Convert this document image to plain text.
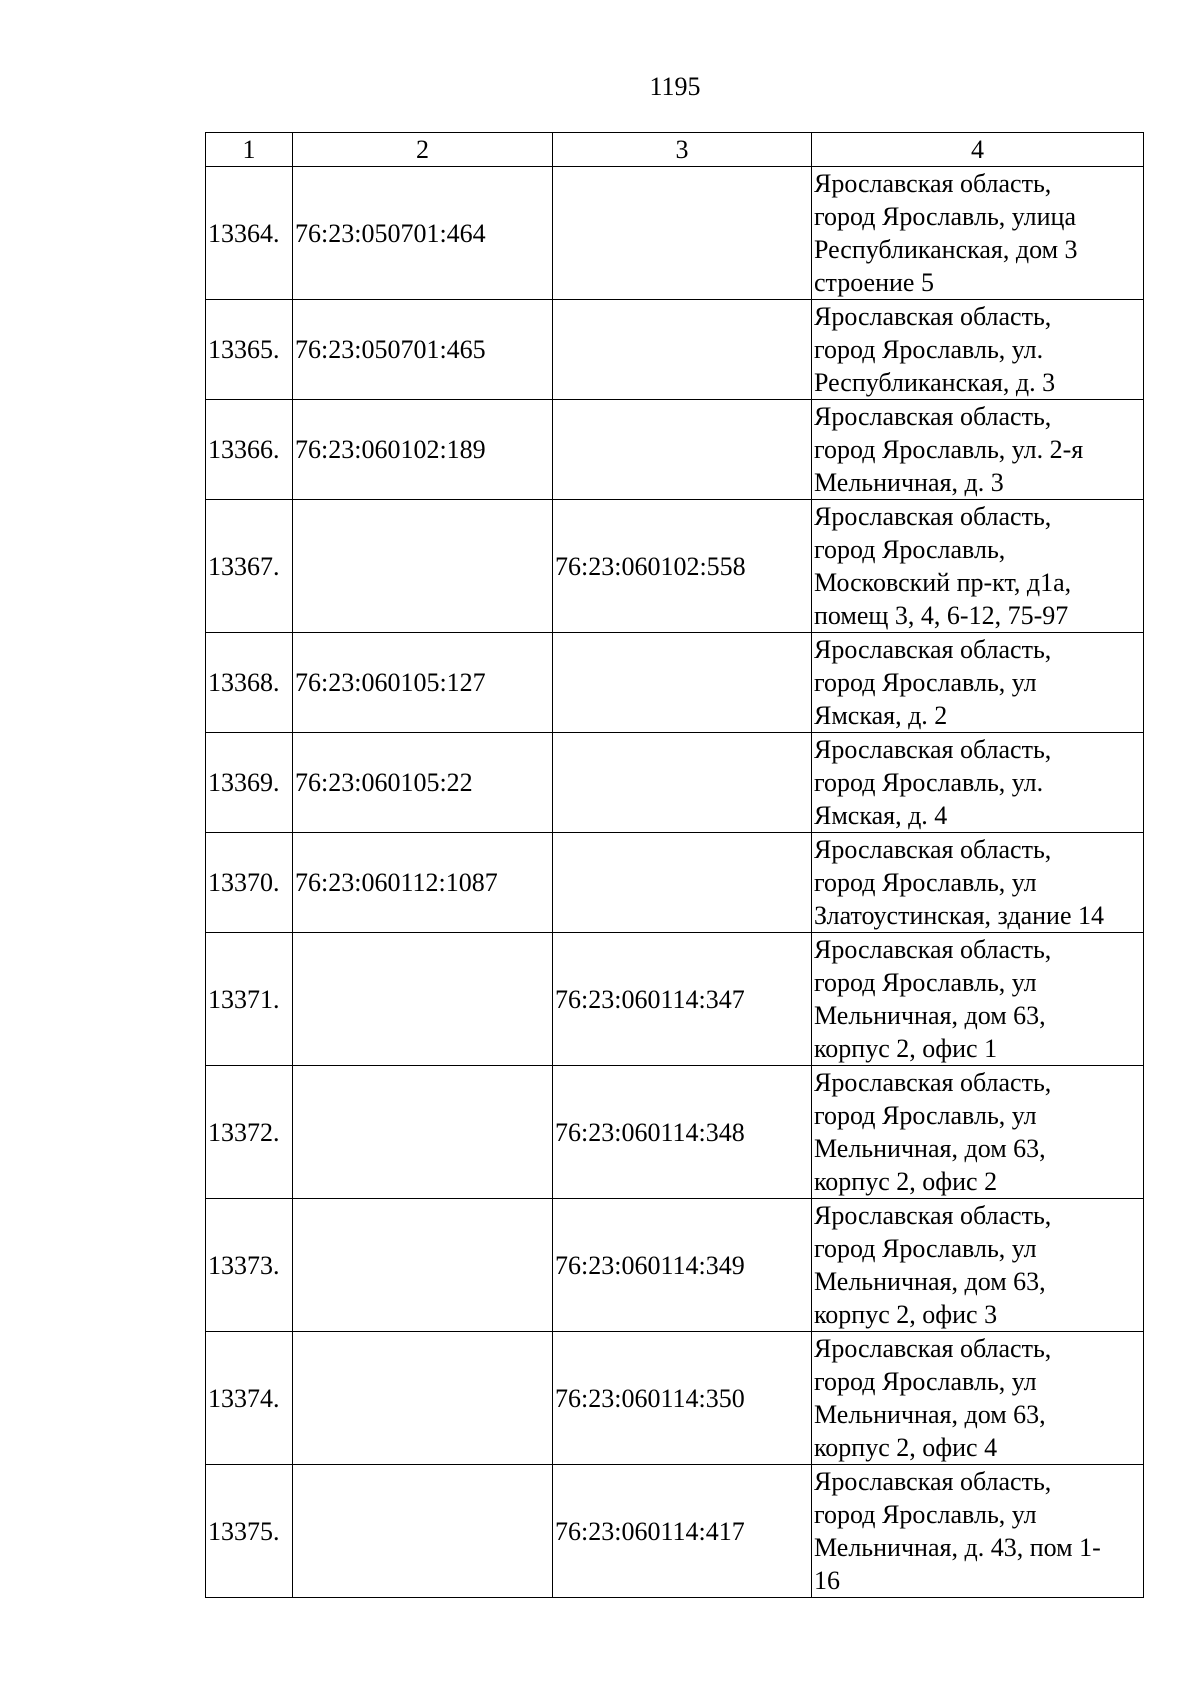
1195
1	2	3	4
13364.	76:23:050701:464		Ярославская область,
город Ярославль, улица
Республиканская, дом 3
строение 5

13365.	76:23:050701:465		Ярославская область,
город Ярославль, ул.
Республиканская, д. 3

13366.	76:23:060102:189		Ярославская область,
город Ярославль, ул. 2-я
Мельничная, д. 3

13367.		76:23:060102:558	Ярославская область,
город Ярославль,
Московский пр-кт, д1а,
помещ 3, 4, 6-12, 75-97

13368.	76:23:060105:127		Ярославская область,
город Ярославль, ул
Ямская, д. 2

13369.	76:23:060105:22		Ярославская область,
город Ярославль, ул.
Ямская, д. 4

13370.	76:23:060112:1087		Ярославская область,
город Ярославль, ул
Златоустинская, здание 14

13371.		76:23:060114:347	Ярославская область,
город Ярославль, ул
Мельничная, дом 63,
корпус 2, офис 1

13372.		76:23:060114:348	Ярославская область,
город Ярославль, ул
Мельничная, дом 63,
корпус 2, офис 2

13373.		76:23:060114:349	Ярославская область,
город Ярославль, ул
Мельничная, дом 63,
корпус 2, офис 3

13374.		76:23:060114:350	Ярославская область,
город Ярославль, ул
Мельничная, дом 63,
корпус 2, офис 4

13375.		76:23:060114:417	Ярославская область,
город Ярославль, ул
Мельничная, д. 43, пом 1-
16
